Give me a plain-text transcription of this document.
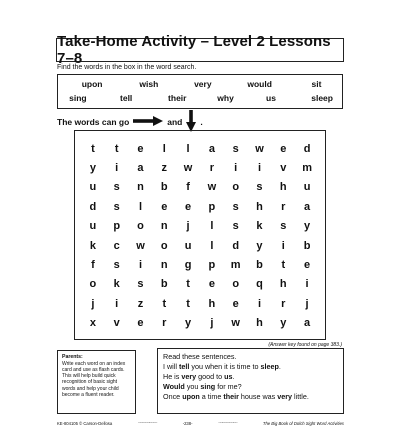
Take-Home Activity – Level 2 Lessons 7–8
Find the words in the box in the word search.
upon	wish	very	would	sit
sing	tell	their	why	us	sleep
The words can go	and .
t	t	e	l	l	a	s	w	e	d
y	i	a	z	w	r	i	i	v	m
u	s	n	b	f	w	o	s	h	u
d	s	l	e	e	p	s	h	r	a
u	p	o	n	j	l	s	k	s	y
k	c	w	o	u	l	d	y	i	b
f	s	i	n	g	p	m	b	t	e
o	k	s	b	t	e	o	q	h	i
j	i	z	t	t	h	e	i	r	j
x	v	e	r	y	j	w	h	y	a
(Answer key found on page 383.)
Parents:
Write each word on an index card and use as flash cards. This will help build quick recognition of basic sight words and help your child become a fluent reader.
Read these sentences.
I will tell you when it is time to sleep.
He is very good to us.
Would you sing for me?
Once upon a time their house was very little.
KE-804105 © Carson-Dellosa	〰〰〰〰〰	-238-	〰〰〰〰〰	The Big Book of Dolch Sight Word Activities
